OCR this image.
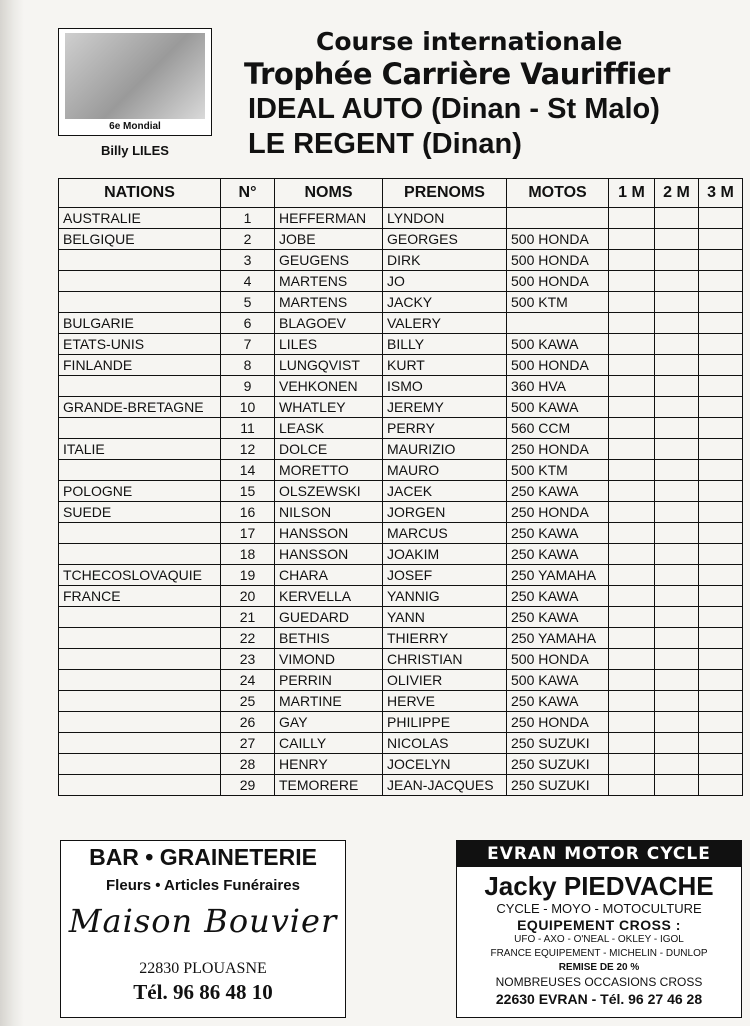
6e Mondial
Billy LILES
Course internationale
Trophée Carrière Vauriffier
IDEAL AUTO (Dinan - St Malo)
LE REGENT (Dinan)
NATIONS	N°	NOMS	PRENOMS	MOTOS	1 M	2 M	3 M
AUSTRALIE	1	HEFFERMAN	LYNDON				
BELGIQUE	2	JOBE	GEORGES	500 HONDA			
	3	GEUGENS	DIRK	500 HONDA			
	4	MARTENS	JO	500 HONDA			
	5	MARTENS	JACKY	500 KTM			
BULGARIE	6	BLAGOEV	VALERY				
ETATS-UNIS	7	LILES	BILLY	500 KAWA			
FINLANDE	8	LUNGQVIST	KURT	500 HONDA			
	9	VEHKONEN	ISMO	360 HVA			
GRANDE-BRETAGNE	10	WHATLEY	JEREMY	500 KAWA			
	11	LEASK	PERRY	560 CCM			
ITALIE	12	DOLCE	MAURIZIO	250 HONDA			
	14	MORETTO	MAURO	500 KTM			
POLOGNE	15	OLSZEWSKI	JACEK	250 KAWA			
SUEDE	16	NILSON	JORGEN	250 HONDA			
	17	HANSSON	MARCUS	250 KAWA			
	18	HANSSON	JOAKIM	250 KAWA			
TCHECOSLOVAQUIE	19	CHARA	JOSEF	250 YAMAHA			
FRANCE	20	KERVELLA	YANNIG	250 KAWA			
	21	GUEDARD	YANN	250 KAWA			
	22	BETHIS	THIERRY	250 YAMAHA			
	23	VIMOND	CHRISTIAN	500 HONDA			
	24	PERRIN	OLIVIER	500 KAWA			
	25	MARTINE	HERVE	250 KAWA			
	26	GAY	PHILIPPE	250 HONDA			
	27	CAILLY	NICOLAS	250 SUZUKI			
	28	HENRY	JOCELYN	250 SUZUKI			
	29	TEMORERE	JEAN-JACQUES	250 SUZUKI			
BAR • GRAINETERIE
Fleurs • Articles Funéraires
Maison Bouvier
22830 PLOUASNE
Tél. 96 86 48 10
EVRAN MOTOR CYCLE
Jacky PIEDVACHE
CYCLE - MOYO - MOTOCULTURE
EQUIPEMENT CROSS :
UFO - AXO - O'NEAL - OKLEY - IGOL
FRANCE EQUIPEMENT - MICHELIN - DUNLOP
REMISE DE 20 %
NOMBREUSES OCCASIONS CROSS
22630 EVRAN - Tél. 96 27 46 28
